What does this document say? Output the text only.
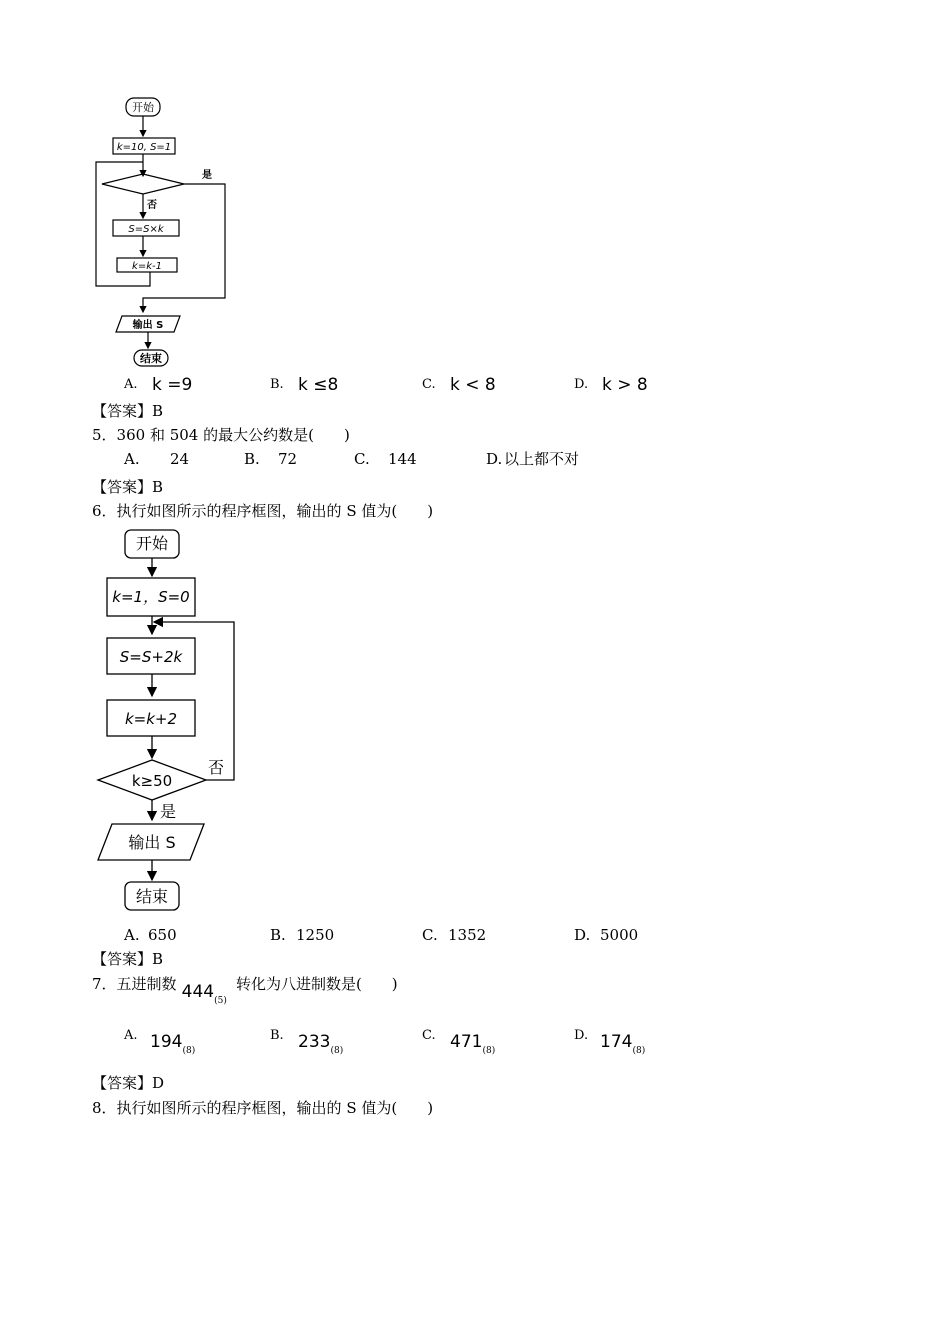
开始
k=10, S=1
是
否
S=S×k
k=k-1
输出 S
结束
A. k =9	B. k ≤8	C. k < 8	D. k > 8
【答案】B
5．360 和 504 的最大公约数是(　　)
A. 24	B. 72	C. 144	D. 以上都不对
【答案】B
6．执行如图所示的程序框图，输出的 S 值为(　　)
开始
k=1，S=0
S=S+2k
k=k+2
k≥50
否
是
输出 S
结束
A. 650	B. 1250	C. 1352	D. 5000
【答案】B
7．五进制数 $444_{(5)}$ 转化为八进制数是(　　)
A. $194_{(8)}$
B. $233_{(8)}$
C. $471_{(8)}$
D. $174_{(8)}$
【答案】D
8．执行如图所示的程序框图，输出的 S 值为(　　)
